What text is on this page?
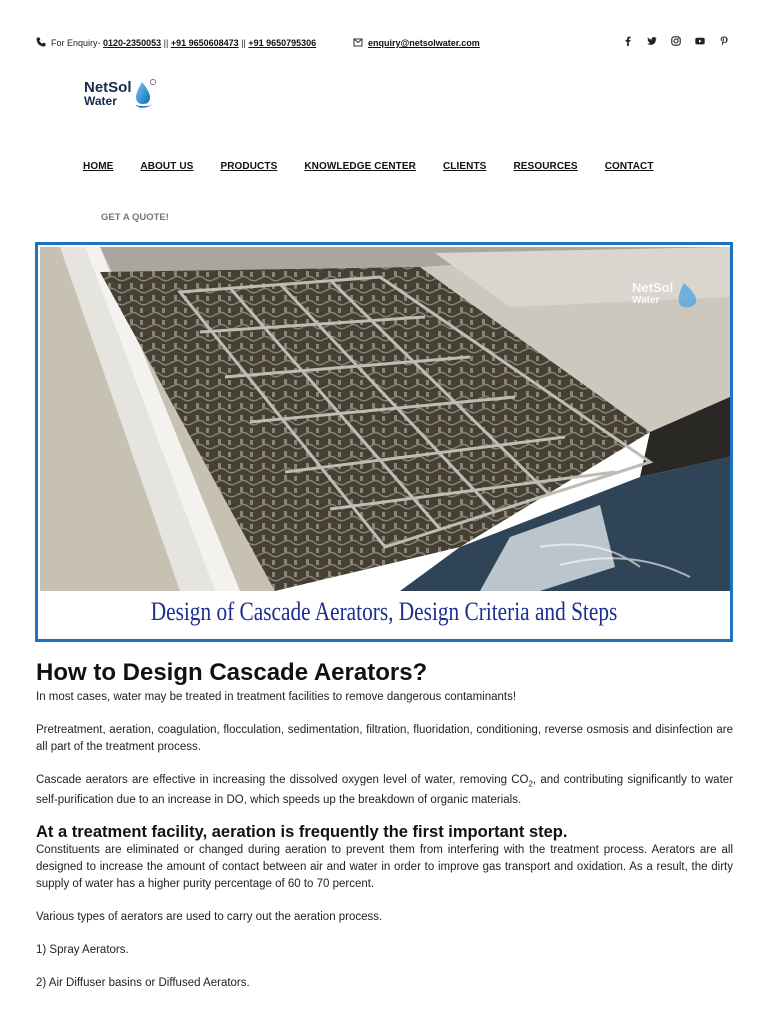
For Enquiry- 0120-2350053 || +91 9650608473 || +91 9650795306	enquiry@netsolwater.com
NetSol
Water
HOME	ABOUT US	PRODUCTS	KNOWLEDGE CENTER	CLIENTS	RESOURCES	CONTACT
GET A QUOTE!
NetSol
Water
Design of Cascade Aerators, Design Criteria and Steps
How to Design Cascade Aerators?

In most cases, water may be treated in treatment facilities to remove dangerous contaminants!

Pretreatment, aeration, coagulation, flocculation, sedimentation, filtration, fluoridation, conditioning, reverse osmosis and disinfection are all part of the treatment process.

Cascade aerators are effective in increasing the dissolved oxygen level of water, removing $CO_2$, and contributing significantly to water self-purification due to an increase in DO, which speeds up the breakdown of organic materials.

At a treatment facility, aeration is frequently the first important step.

Constituents are eliminated or changed during aeration to prevent them from interfering with the treatment process. Aerators are all designed to increase the amount of contact between air and water in order to improve gas transport and oxidation. As a result, the dirty supply of water has a higher purity percentage of 60 to 70 percent.

Various types of aerators are used to carry out the aeration process.

1) Spray Aerators.

2) Air Diffuser basins or Diffused Aerators.
